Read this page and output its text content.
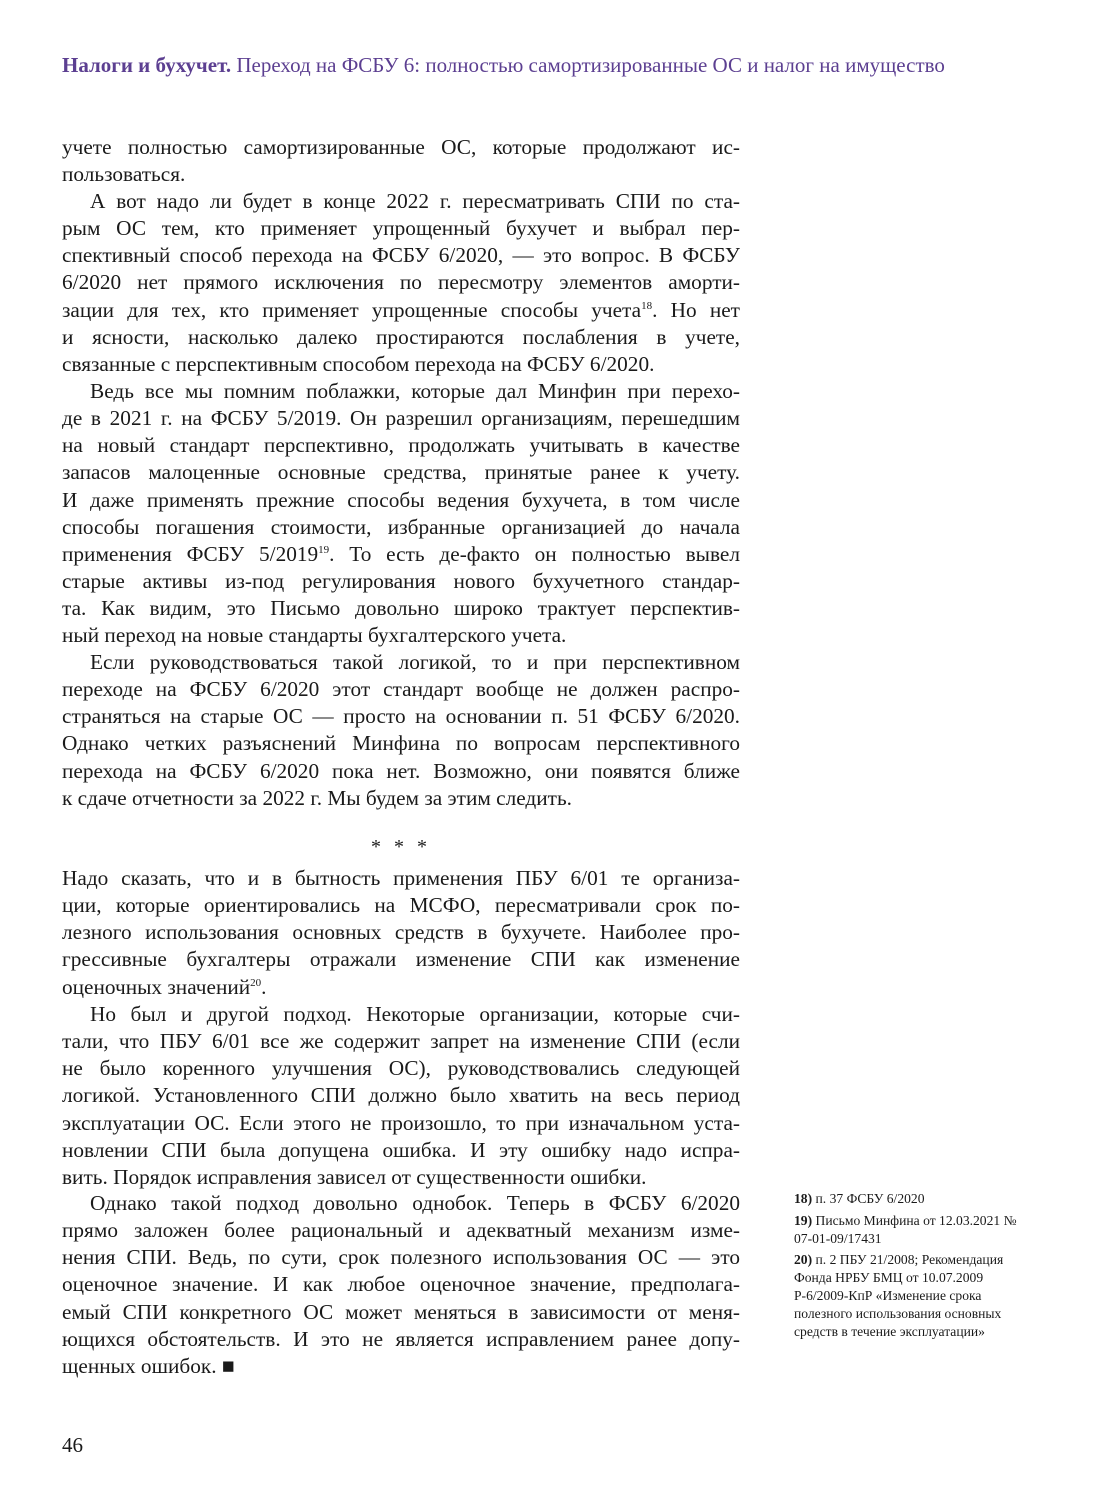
Налоги и бухучет. Переход на ФСБУ 6: полностью самортизированные ОС и налог на имущество
учете полностью самортизированные ОС, которые продолжают ис-
пользоваться.
А вот надо ли будет в конце 2022 г. пересматривать СПИ по ста-
рым ОС тем, кто применяет упрощенный бухучет и выбрал пер-
спективный способ перехода на ФСБУ 6/2020, — это вопрос. В ФСБУ
6/2020 нет прямого исключения по пересмотру элементов аморти-
зации для тех, кто применяет упрощенные способы учета$^{18}$. Но нет
и ясности, насколько далеко простираются послабления в учете,
связанные с перспективным способом перехода на ФСБУ 6/2020.
Ведь все мы помним поблажки, которые дал Минфин при перехо-
де в 2021 г. на ФСБУ 5/2019. Он разрешил организациям, перешедшим
на новый стандарт перспективно, продолжать учитывать в качестве
запасов малоценные основные средства, принятые ранее к учету.
И даже применять прежние способы ведения бухучета, в том числе
способы погашения стоимости, избранные организацией до начала
применения ФСБУ 5/2019$^{19}$. То есть де-факто он полностью вывел
старые активы из-под регулирования нового бухучетного стандар-
та. Как видим, это Письмо довольно широко трактует перспектив-
ный переход на новые стандарты бухгалтерского учета.
Если руководствоваться такой логикой, то и при перспективном
переходе на ФСБУ 6/2020 этот стандарт вообще не должен распро-
страняться на старые ОС — просто на основании п. 51 ФСБУ 6/2020.
Однако четких разъяснений Минфина по вопросам перспективного
перехода на ФСБУ 6/2020 пока нет. Возможно, они появятся ближе
к сдаче отчетности за 2022 г. Мы будем за этим следить.
Надо сказать, что и в бытность применения ПБУ 6/01 те организа-
ции, которые ориентировались на МСФО, пересматривали срок по-
лезного использования основных средств в бухучете. Наиболее про-
грессивные бухгалтеры отражали изменение СПИ как изменение
оценочных значений$^{20}$.
Но был и другой подход. Некоторые организации, которые счи-
тали, что ПБУ 6/01 все же содержит запрет на изменение СПИ (если
не было коренного улучшения ОС), руководствовались следующей
логикой. Установленного СПИ должно было хватить на весь период
эксплуатации ОС. Если этого не произошло, то при изначальном уста-
новлении СПИ была допущена ошибка. И эту ошибку надо испра-
вить. Порядок исправления зависел от существенности ошибки.
Однако такой подход довольно однобок. Теперь в ФСБУ 6/2020
прямо заложен более рациональный и адекватный механизм изме-
нения СПИ. Ведь, по сути, срок полезного использования ОС — это
оценочное значение. И как любое оценочное значение, предполага-
емый СПИ конкретного ОС может меняться в зависимости от меня-
ющихся обстоятельств. И это не является исправлением ранее допу-
щенных ошибок. ■
* * *
18) п. 37 ФСБУ 6/2020
19) Письмо Минфина от 12.03.2021 № 07-01-09/17431
20) п. 2 ПБУ 21/2008; Рекомендация Фонда НРБУ БМЦ от 10.07.2009 Р-6/2009-КпР «Изменение срока полезного использования основных средств в течение эксплуатации»
46
